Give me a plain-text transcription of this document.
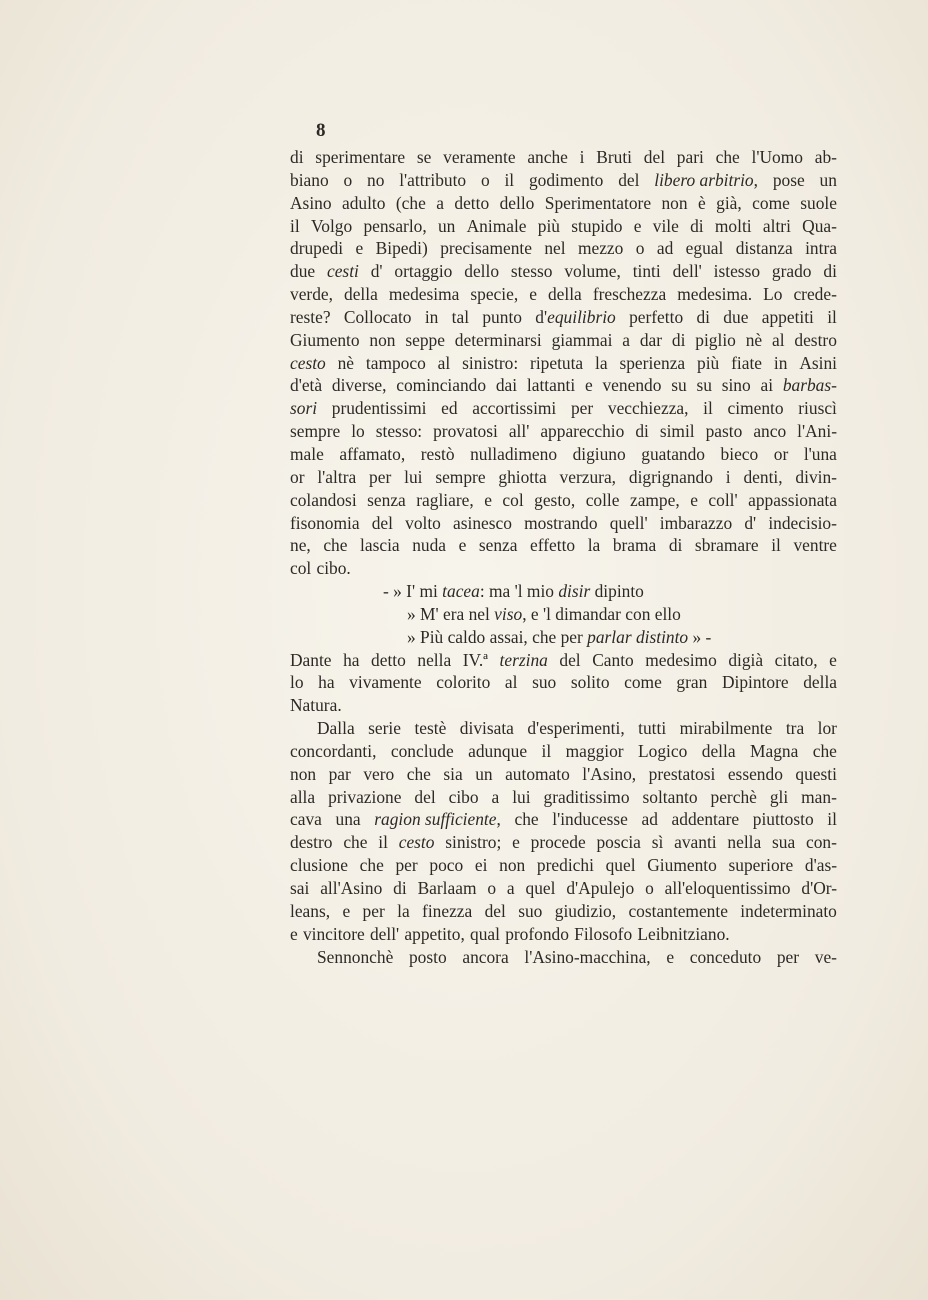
8
di sperimentare se veramente anche i Bruti del pari che l'Uomo ab-
biano o no l'attributo o il godimento del libero arbitrio, pose un
Asino adulto (che a detto dello Sperimentatore non è già, come suole
il Volgo pensarlo, un Animale più stupido e vile di molti altri Qua-
drupedi e Bipedi) precisamente nel mezzo o ad egual distanza intra
due cesti d' ortaggio dello stesso volume, tinti dell' istesso grado di
verde, della medesima specie, e della freschezza medesima. Lo crede-
reste? Collocato in tal punto d'equilibrio perfetto di due appetiti il
Giumento non seppe determinarsi giammai a dar di piglio nè al destro
cesto nè tampoco al sinistro: ripetuta la sperienza più fiate in Asini
d'età diverse, cominciando dai lattanti e venendo su su sino ai barbas-
sori prudentissimi ed accortissimi per vecchiezza, il cimento riuscì
sempre lo stesso: provatosi all' apparecchio di simil pasto anco l'Ani-
male affamato, restò nulladimeno digiuno guatando bieco or l'una
or l'altra per lui sempre ghiotta verzura, digrignando i denti, divin-
colandosi senza ragliare, e col gesto, colle zampe, e coll' appassionata
fisonomia del volto asinesco mostrando quell' imbarazzo d' indecisio-
ne, che lascia nuda e senza effetto la brama di sbramare il ventre
col cibo.
- » I' mi tacea: ma 'l mio disir dipinto
» M' era nel viso, e 'l dimandar con ello
» Più caldo assai, che per parlar distinto » -
Dante ha detto nella IV.ª terzina del Canto medesimo digià citato, e
lo ha vivamente colorito al suo solito come gran Dipintore della
Natura.
Dalla serie testè divisata d'esperimenti, tutti mirabilmente tra lor
concordanti, conclude adunque il maggior Logico della Magna che
non par vero che sia un automato l'Asino, prestatosi essendo questi
alla privazione del cibo a lui graditissimo soltanto perchè gli man-
cava una ragion sufficiente, che l'inducesse ad addentare piuttosto il
destro che il cesto sinistro; e procede poscia sì avanti nella sua con-
clusione che per poco ei non predichi quel Giumento superiore d'as-
sai all'Asino di Barlaam o a quel d'Apulejo o all'eloquentissimo d'Or-
leans, e per la finezza del suo giudizio, costantemente indeterminato
e vincitore dell' appetito, qual profondo Filosofo Leibnitziano.
Sennonchè posto ancora l'Asino-macchina, e conceduto per ve-
